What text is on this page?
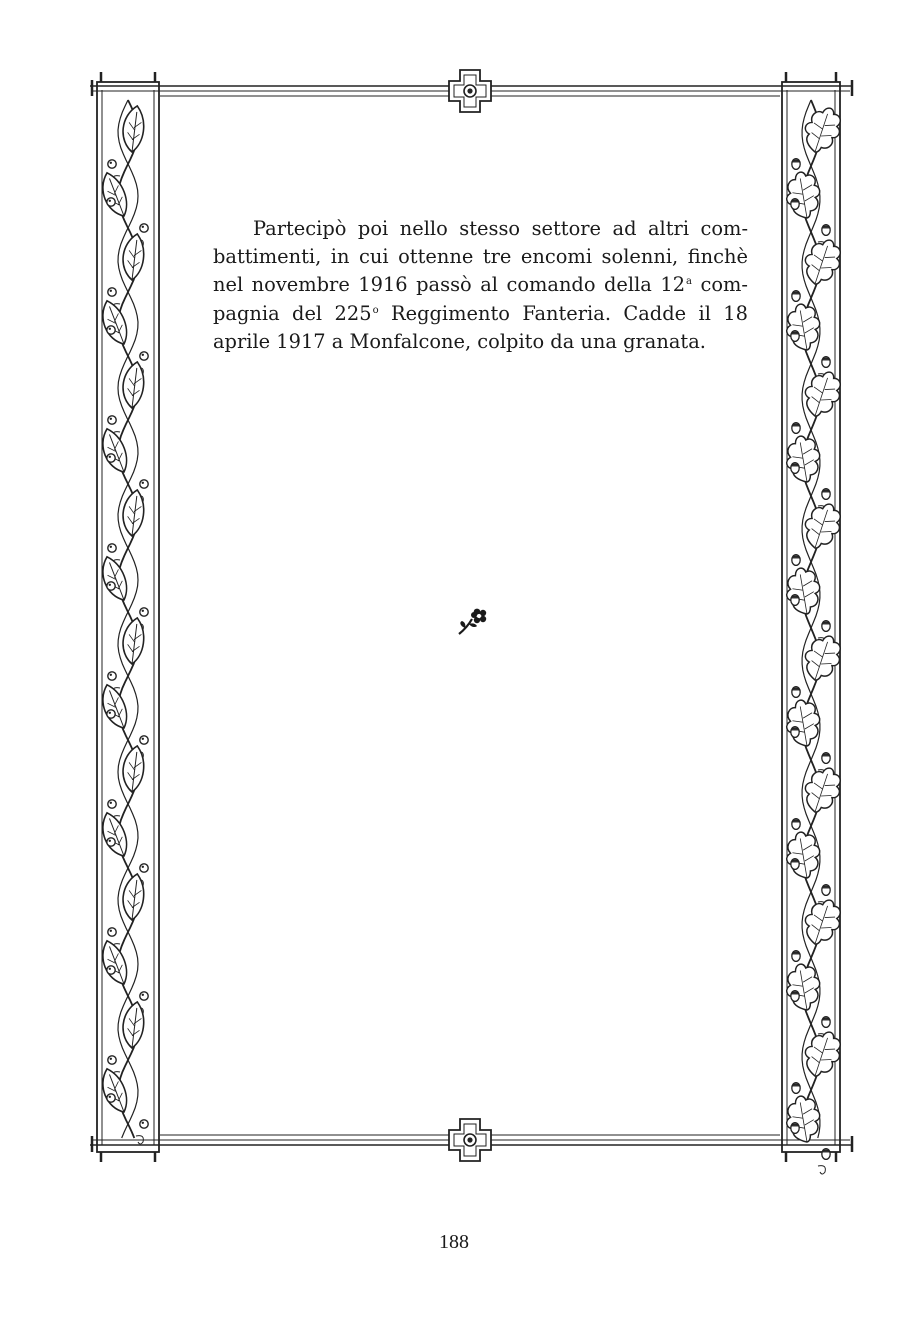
Partecipò poi nello stesso settore ad altri com-
battimenti, in cui ottenne tre encomi solenni, finchè
nel novembre 1916 passò al comando della 12$^a$ com-
pagnia del 225$^o$ Reggimento Fanteria. Cadde il 18
aprile 1917 a Monfalcone, colpito da una granata.
188
